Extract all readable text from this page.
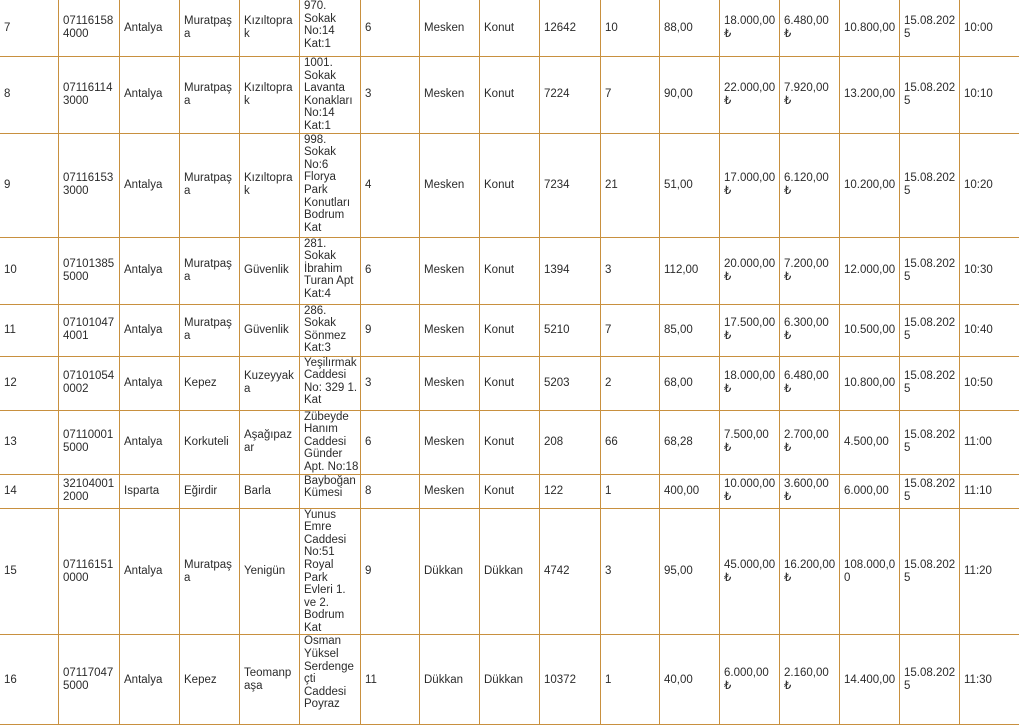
7	07116158 4000	Antalya	Muratpaşa	Kızıltoprak	970. Sokak No:14 Kat:1	6	Mesken	Konut	12642	10	88,00	18.000,00 ₺	6.480,00 ₺	10.800,00	15.08.2025	10:00
8	07116114 3000	Antalya	Muratpaşa	Kızıltoprak	1001. Sokak Lavanta Konakları No:14 Kat:1	3	Mesken	Konut	7224	7	90,00	22.000,00 ₺	7.920,00 ₺	13.200,00	15.08.2025	10:10
9	07116153 3000	Antalya	Muratpaşa	Kızıltoprak	998. Sokak No:6 Florya Park Konutları Bodrum Kat	4	Mesken	Konut	7234	21	51,00	17.000,00 ₺	6.120,00 ₺	10.200,00	15.08.2025	10:20
10	07101385 5000	Antalya	Muratpaşa	Güvenlik	281. Sokak İbrahim Turan Apt Kat:4	6	Mesken	Konut	1394	3	112,00	20.000,00 ₺	7.200,00 ₺	12.000,00	15.08.2025	10:30
11	07101047 4001	Antalya	Muratpaşa	Güvenlik	286. Sokak Sönmez Kat:3	9	Mesken	Konut	5210	7	85,00	17.500,00 ₺	6.300,00 ₺	10.500,00	15.08.2025	10:40
12	07101054 0002	Antalya	Kepez	Kuzeyyaka	Yeşilırmak Caddesi No: 329 1. Kat	3	Mesken	Konut	5203	2	68,00	18.000,00 ₺	6.480,00 ₺	10.800,00	15.08.2025	10:50
13	07110001 5000	Antalya	Korkuteli	Aşağıpazar	Zübeyde Hanım Caddesi Günder Apt. No:18	6	Mesken	Konut	208	66	68,28	7.500,00 ₺	2.700,00 ₺	4.500,00	15.08.2025	11:00
14	32104001 2000	Isparta	Eğirdir	Barla	Bayboğan Kümesi	8	Mesken	Konut	122	1	400,00	10.000,00 ₺	3.600,00 ₺	6.000,00	15.08.2025	11:10
15	07116151 0000	Antalya	Muratpaşa	Yenigün	Yunus Emre Caddesi No:51 Royal Park Evleri 1. ve 2. Bodrum Kat	9	Dükkan	Dükkan	4742	3	95,00	45.000,00 ₺	16.200,00 ₺	108.000,00	15.08.2025	11:20
16	07117047 5000	Antalya	Kepez	Teomanpaşa	Osman Yüksel Serdengeçti Caddesi Poyraz	11	Dükkan	Dükkan	10372	1	40,00	6.000,00 ₺	2.160,00 ₺	14.400,00	15.08.2025	11:30
